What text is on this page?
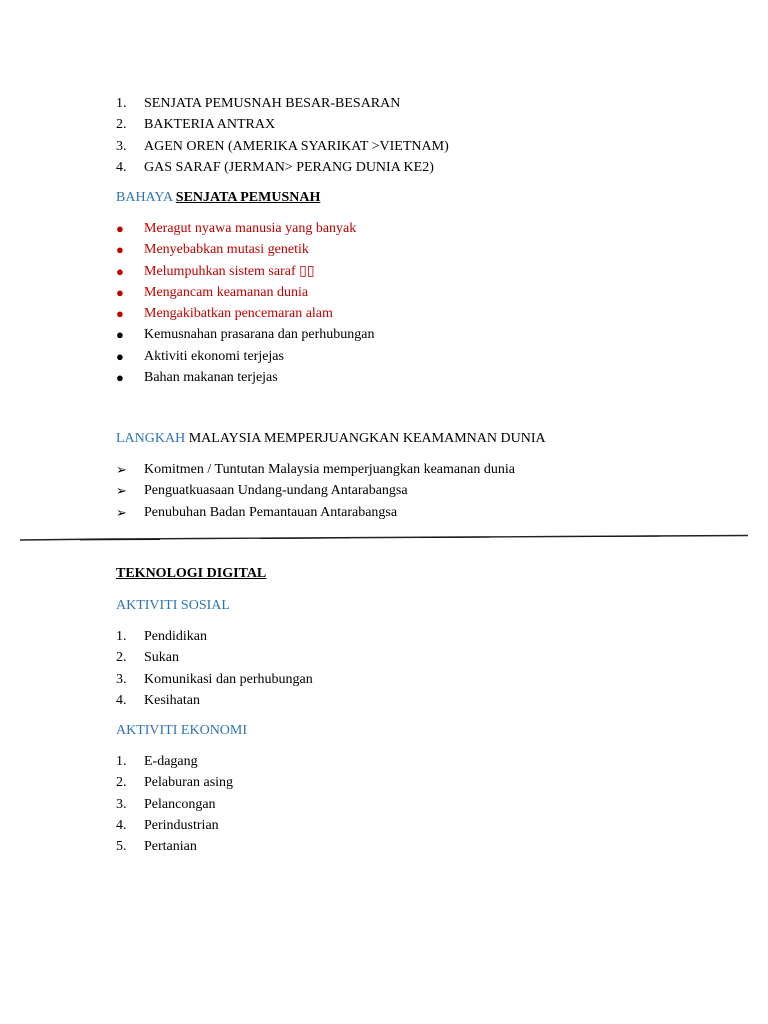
1.	SENJATA PEMUSNAH BESAR-BESARAN
2.	BAKTERIA ANTRAX
3.	AGEN OREN (AMERIKA SYARIKAT >VIETNAM)
4.	GAS SARAF (JERMAN> PERANG DUNIA KE2)
BAHAYA SENJATA PEMUSNAH
●	Meragut nyawa manusia yang banyak
●	Menyebabkan mutasi genetik
●	Melumpuhkan sistem saraf ▯▯
●	Mengancam keamanan dunia
●	Mengakibatkan pencemaran alam
●	Kemusnahan prasarana dan perhubungan
●	Aktiviti ekonomi terjejas
●	Bahan makanan terjejas
LANGKAH MALAYSIA MEMPERJUANGKAN KEAMAMNAN DUNIA
➢	Komitmen / Tuntutan Malaysia memperjuangkan keamanan dunia
➢	Penguatkuasaan Undang-undang Antarabangsa
➢	Penubuhan Badan Pemantauan Antarabangsa
TEKNOLOGI DIGITAL
AKTIVITI SOSIAL
1.	Pendidikan
2.	Sukan
3.	Komunikasi dan perhubungan
4.	Kesihatan
AKTIVITI EKONOMI
1.	E-dagang
2.	Pelaburan asing
3.	Pelancongan
4.	Perindustrian
5.	Pertanian
